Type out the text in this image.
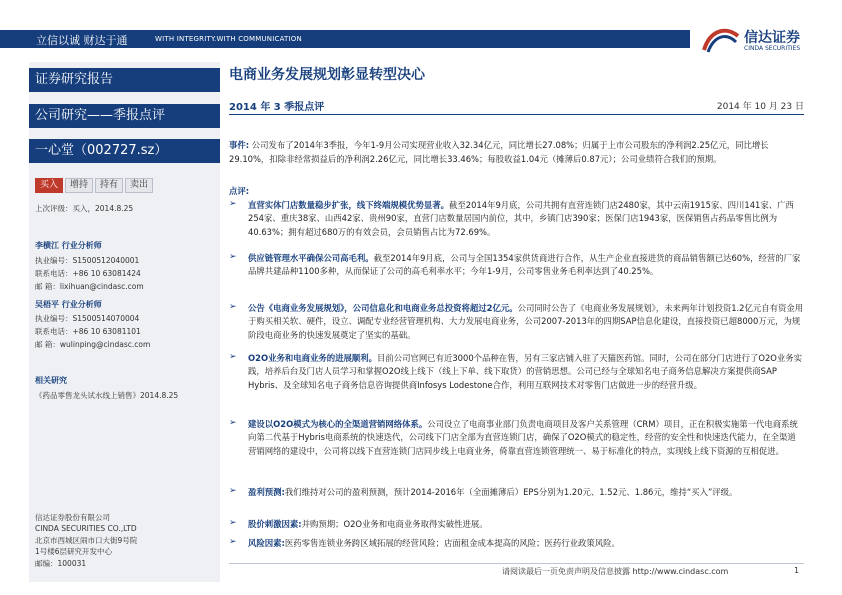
立信以诚 财达于通	WITH INTEGRITY.WITH COMMUNICATION	信达证券
CINDA SECURITIES
证券研究报告
公司研究——季报点评
一心堂（002727.sz）
买入	增持	持有	卖出
上次评级：买入，2014.8.25
李横江 行业分析师
执业编号：S1500512040001
联系电话：+86 10 63081424
邮 箱：lixihuan@cindasc.com
吴梧平 行业分析师
执业编号：S1500514070004
联系电话：+86 10 63081101
邮 箱：wulinping@cindasc.com
相关研究
《药品零售龙头试水线上销售》2014.8.25
信达证券股份有限公司
CINDA SECURITIES CO.,LTD
北京市西城区闹市口大街9号院
1号楼6层研究开发中心
邮编：100031
电商业务发展规划彰显转型决心
2014 年 3 季报点评	2014 年 10 月 23 日
事件: 公司发布了2014年3季报，今年1-9月公司实现营业收入32.34亿元，同比增长27.08%；归属于上市公司股东的净利润2.25亿元，同比增长29.10%，扣除非经常损益后的净利润2.26亿元，同比增长33.46%；每股收益1.04元（摊薄后0.87元）；公司业绩符合我们的预期。
点评:
➢ 直营实体门店数量稳步扩张，线下终端规模优势显著。截至2014年9月底，公司共拥有直营连锁门店2480家，其中云南1915家、四川141家、广西254家、重庆38家、山西42家、贵州90家，直营门店数量居国内前位，其中，乡镇门店390家；医保门店1943家，医保销售占药品零售比例为40.63%；拥有超过680万的有效会员，会员销售占比为72.69%。
➢ 供应链管理水平确保公司高毛利。截至2014年9月底，公司与全国1354家供货商进行合作，从生产企业直接进货的商品销售额已达60%，经营的厂家品牌共建品种1100多种，从而保证了公司的高毛利率水平；今年1-9月，公司零售业务毛利率达到了40.25%。
➢ 公告《电商业务发展规划》，公司信息化和电商业务总投资将超过2亿元。公司同时公告了《电商业务发展规划》，未来两年计划投资1.2亿元自有资金用于购买相关软、硬件，设立、调配专业经营管理机构、大力发展电商业务，公司2007-2013年的四期SAP信息化建设，直接投资已超8000万元，为规阶段电商业务的快速发展奠定了坚实的基础。
➢ O2O业务和电商业务的进展顺利。目前公司官网已有近3000个品种在售，另有三家店铺入驻了天猫医药馆。同时，公司在部分门店进行了O2O业务实践，培养后台及门店人员学习和掌握O2O线上线下（线上下单、线下取货）的营销思想。公司已经与全球知名电子商务信息解决方案提供商SAP Hybris、及全球知名电子商务信息咨询提供商Infosys Lodestone合作，利用互联网技术对零售门店做进一步的经营升级。
➢ 建设以O2O模式为核心的全渠道营销网络体系。公司设立了电商事业部门负责电商项目及客户关系管理（CRM）项目，正在积极实施第一代电商系统向第二代基于Hybris电商系统的快速迭代，公司线下门店全部为直营连锁门店，确保了O2O模式的稳定性，经营的安全性和快速迭代能力，在全渠道营销网络的建设中，公司将以线下直营连锁门店同步线上电商业务，倚靠直营连锁管理统一、易于标准化的特点，实现线上线下资源的互相促进。
➢ 盈利预测:我们维持对公司的盈利预测，预计2014-2016年（全面摊薄后）EPS分别为1.20元、1.52元、1.86元，维持“买入”评级。
➢ 股价刺激因素:并购预期；O2O业务和电商业务取得实破性进展。
➢ 风险因素:医药零售连锁业务跨区域拓展的经营风险；店面租金成本提高的风险；医药行业政策风险。
请阅读最后一页免责声明及信息披露 http://www.cindasc.com	1
